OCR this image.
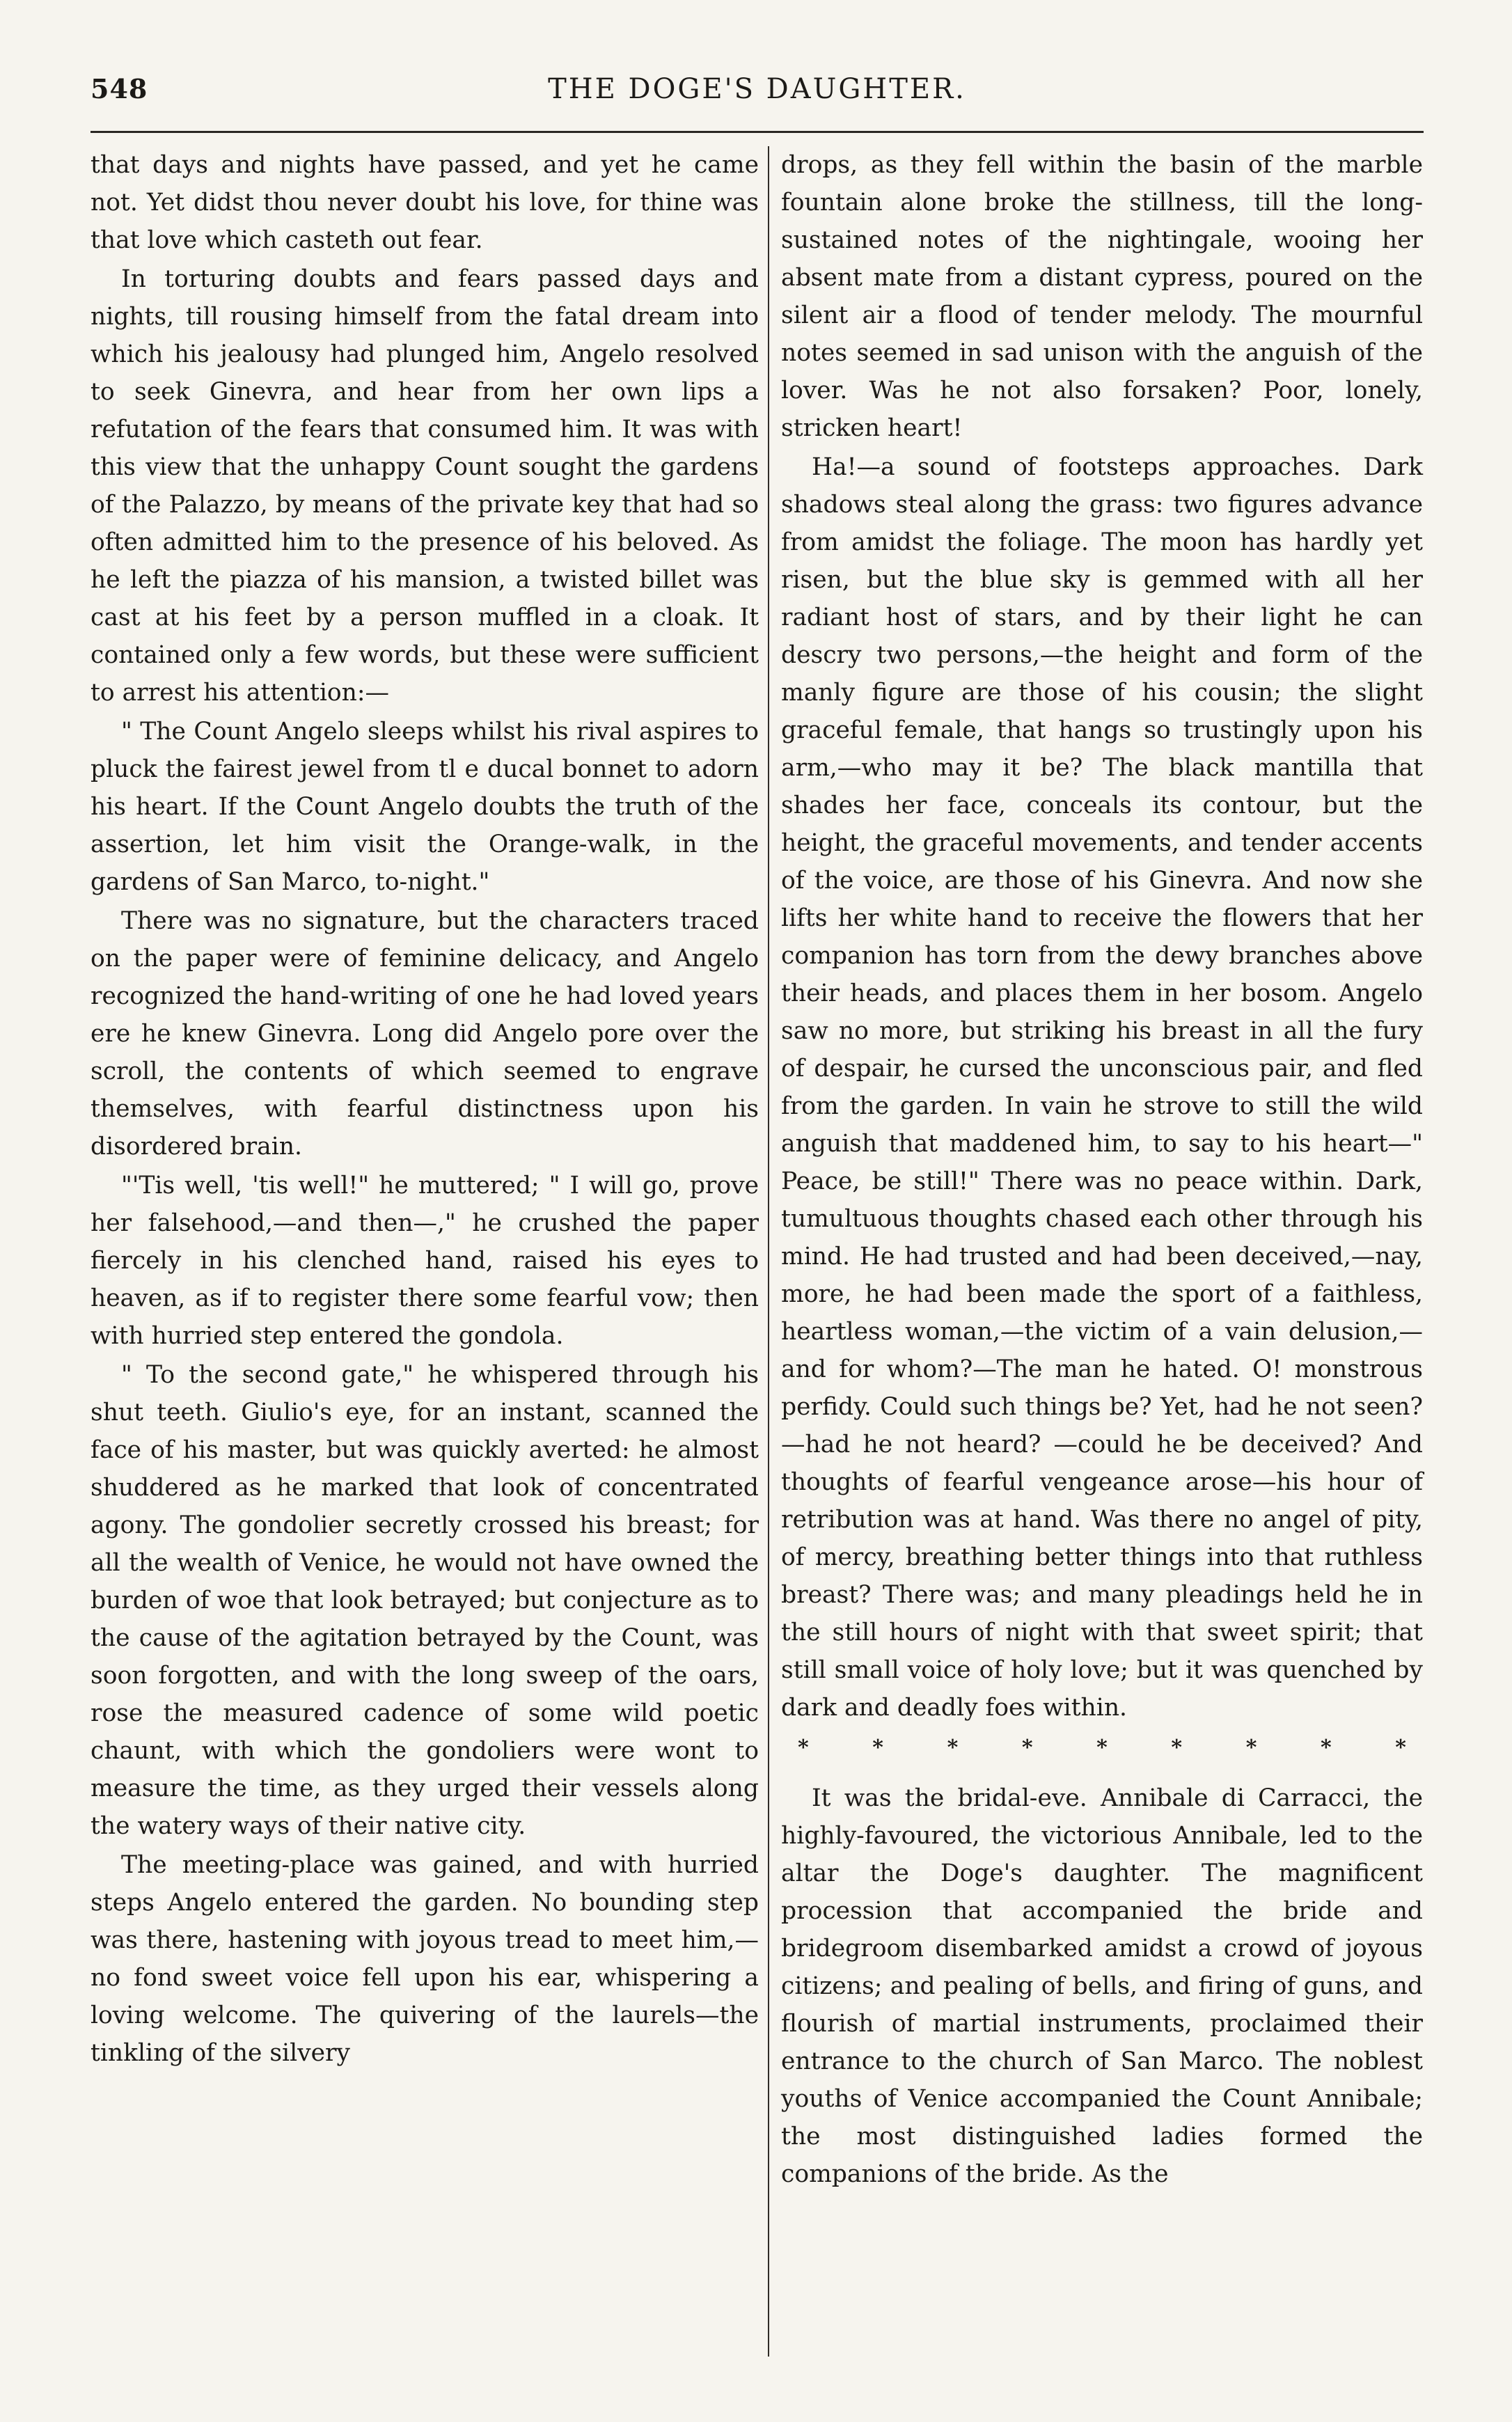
548	THE DOGE'S DAUGHTER.

that days and nights have passed, and yet he came not. Yet didst thou never doubt his love, for thine was that love which casteth out fear.

In torturing doubts and fears passed days and nights, till rousing himself from the fatal dream into which his jealousy had plunged him, Angelo resolved to seek Ginevra, and hear from her own lips a refutation of the fears that consumed him. It was with this view that the unhappy Count sought the gardens of the Palazzo, by means of the private key that had so often admitted him to the presence of his beloved. As he left the piazza of his mansion, a twisted billet was cast at his feet by a person muffled in a cloak. It contained only a few words, but these were sufficient to arrest his attention:—

" The Count Angelo sleeps whilst his rival aspires to pluck the fairest jewel from tl e ducal bonnet to adorn his heart. If the Count Angelo doubts the truth of the assertion, let him visit the Orange-walk, in the gardens of San Marco, to-night."

There was no signature, but the characters traced on the paper were of feminine delicacy, and Angelo recognized the hand-writing of one he had loved years ere he knew Ginevra. Long did Angelo pore over the scroll, the contents of which seemed to engrave themselves, with fearful distinctness upon his disordered brain.

"'Tis well, 'tis well!" he muttered; " I will go, prove her falsehood,—and then—," he crushed the paper fiercely in his clenched hand, raised his eyes to heaven, as if to register there some fearful vow; then with hurried step entered the gondola.

" To the second gate," he whispered through his shut teeth. Giulio's eye, for an instant, scanned the face of his master, but was quickly averted: he almost shuddered as he marked that look of concentrated agony. The gondolier secretly crossed his breast; for all the wealth of Venice, he would not have owned the burden of woe that look betrayed; but conjecture as to the cause of the agitation betrayed by the Count, was soon forgotten, and with the long sweep of the oars, rose the measured cadence of some wild poetic chaunt, with which the gondoliers were wont to measure the time, as they urged their vessels along the watery ways of their native city.

The meeting-place was gained, and with hurried steps Angelo entered the garden. No bounding step was there, hastening with joyous tread to meet him,—no fond sweet voice fell upon his ear, whispering a loving welcome. The quivering of the laurels—the tinkling of the silvery

drops, as they fell within the basin of the marble fountain alone broke the stillness, till the long-sustained notes of the nightingale, wooing her absent mate from a distant cypress, poured on the silent air a flood of tender melody. The mournful notes seemed in sad unison with the anguish of the lover. Was he not also forsaken? Poor, lonely, stricken heart!

Ha!—a sound of footsteps approaches. Dark shadows steal along the grass: two figures advance from amidst the foliage. The moon has hardly yet risen, but the blue sky is gemmed with all her radiant host of stars, and by their light he can descry two persons,—the height and form of the manly figure are those of his cousin; the slight graceful female, that hangs so trustingly upon his arm,—who may it be? The black mantilla that shades her face, conceals its contour, but the height, the graceful movements, and tender accents of the voice, are those of his Ginevra. And now she lifts her white hand to receive the flowers that her companion has torn from the dewy branches above their heads, and places them in her bosom. Angelo saw no more, but striking his breast in all the fury of despair, he cursed the unconscious pair, and fled from the garden. In vain he strove to still the wild anguish that maddened him, to say to his heart—" Peace, be still!" There was no peace within. Dark, tumultuous thoughts chased each other through his mind. He had trusted and had been deceived,—nay, more, he had been made the sport of a faithless, heartless woman,—the victim of a vain delusion,—and for whom?—The man he hated. O! monstrous perfidy. Could such things be? Yet, had he not seen?—had he not heard? —could he be deceived? And thoughts of fearful vengeance arose—his hour of retribution was at hand. Was there no angel of pity, of mercy, breathing better things into that ruthless breast? There was; and many pleadings held he in the still hours of night with that sweet spirit; that still small voice of holy love; but it was quenched by dark and deadly foes within.

*	*	*	*	*	*	*	*	*

It was the bridal-eve. Annibale di Carracci, the highly-favoured, the victorious Annibale, led to the altar the Doge's daughter. The magnificent procession that accompanied the bride and bridegroom disembarked amidst a crowd of joyous citizens; and pealing of bells, and firing of guns, and flourish of martial instruments, proclaimed their entrance to the church of San Marco. The noblest youths of Venice accompanied the Count Annibale; the most distinguished ladies formed the companions of the bride. As the
